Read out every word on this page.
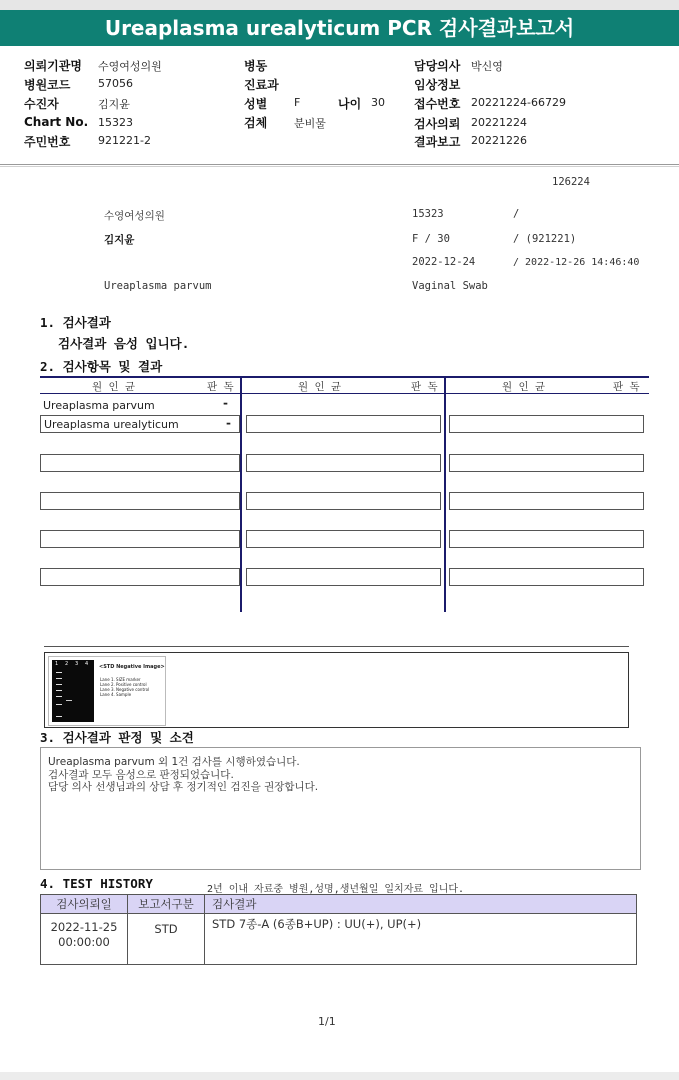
Ureaplasma urealyticum PCR 검사결과보고서
의뢰기관명 수영여성의원
병원코드	57056
수진자	김지윤
Chart No. 15323
주민번호	921221-2
병동
진료과
성별 F	나이 30
검체 분비물
담당의사 박신영
임상정보
접수번호 20221224-66729
검사의뢰 20221224
결과보고 20221226
126224
수영여성의원	15323	/
김지윤	F / 30	/ (921221)
2022-12-24	/ 2022-12-26 14:46:40
Ureaplasma parvum	Vaginal Swab
1. 검사결과
검사결과 음성 입니다.
2. 검사항목 및 결과
원 인 균	판 독	원 인 균	판 독	원 인 균	판 독
Ureaplasma parvum	-
Ureaplasma urealyticum	-
1 2 3 4 <STD Negative Image>
Lane 1. SIZE marker
Lane 2. Positive control
Lane 3. Negative control
Lane 4. Sample
3. 검사결과 판정 및 소견
Ureaplasma parvum 외 1건 검사를 시행하였습니다.
검사결과 모두 음성으로 판정되었습니다.
담당 의사 선생님과의 상담 후 정기적인 검진을 권장합니다.
4. TEST HISTORY	2년 이내 자료중 병원,성명,생년월일 일치자료 입니다.
검사의뢰일	보고서구분	검사결과

2022-11-25
00:00:00	STD	STD 7종-A (6종B+UP) : UU(+), UP(+)
1/1
